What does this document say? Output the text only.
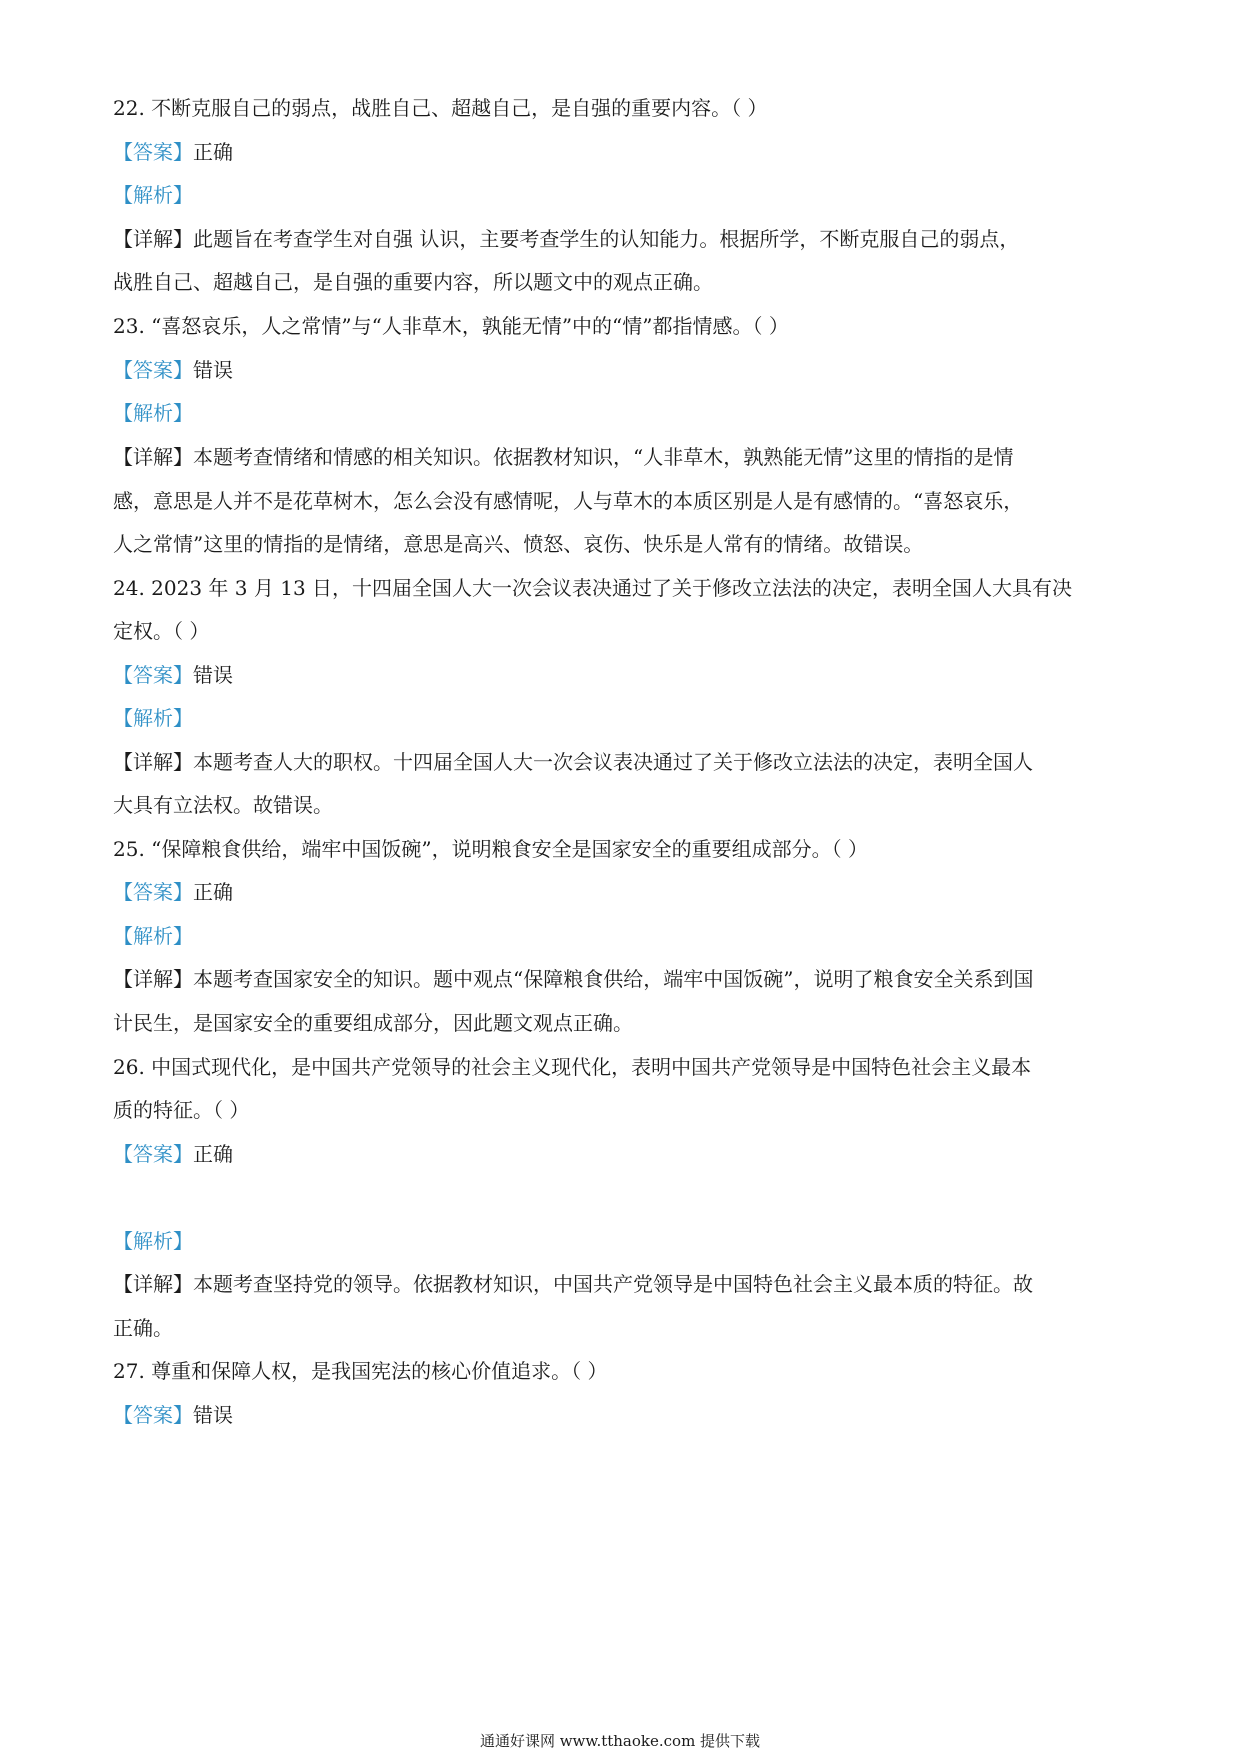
22. 不断克服自己的弱点，战胜自己、超越自己，是自强的重要内容。（ ）
【答案】正确
【解析】
【详解】此题旨在考查学生对自强 认识，主要考查学生的认知能力。根据所学，不断克服自己的弱点，
战胜自己、超越自己，是自强的重要内容，所以题文中的观点正确。
23. “喜怒哀乐，人之常情”与“人非草木，孰能无情”中的“情”都指情感。（ ）
【答案】错误
【解析】
【详解】本题考查情绪和情感的相关知识。依据教材知识，“人非草木，孰熟能无情”这里的情指的是情
感，意思是人并不是花草树木，怎么会没有感情呢，人与草木的本质区别是人是有感情的。“喜怒哀乐，
人之常情”这里的情指的是情绪，意思是高兴、愤怒、哀伤、快乐是人常有的情绪。故错误。
24. 2023 年 3 月 13 日，十四届全国人大一次会议表决通过了关于修改立法法的决定，表明全国人大具有决
定权。（ ）
【答案】错误
【解析】
【详解】本题考查人大的职权。十四届全国人大一次会议表决通过了关于修改立法法的决定，表明全国人
大具有立法权。故错误。
25. “保障粮食供给，端牢中国饭碗”，说明粮食安全是国家安全的重要组成部分。（ ）
【答案】正确
【解析】
【详解】本题考查国家安全的知识。题中观点“保障粮食供给，端牢中国饭碗”，说明了粮食安全关系到国
计民生，是国家安全的重要组成部分，因此题文观点正确。
26. 中国式现代化，是中国共产党领导的社会主义现代化，表明中国共产党领导是中国特色社会主义最本
质的特征。（ ）
【答案】正确
【解析】
【详解】本题考查坚持党的领导。依据教材知识，中国共产党领导是中国特色社会主义最本质的特征。故
正确。
27. 尊重和保障人权，是我国宪法的核心价值追求。（ ）
【答案】错误
通通好课网 www.tthaoke.com 提供下载
